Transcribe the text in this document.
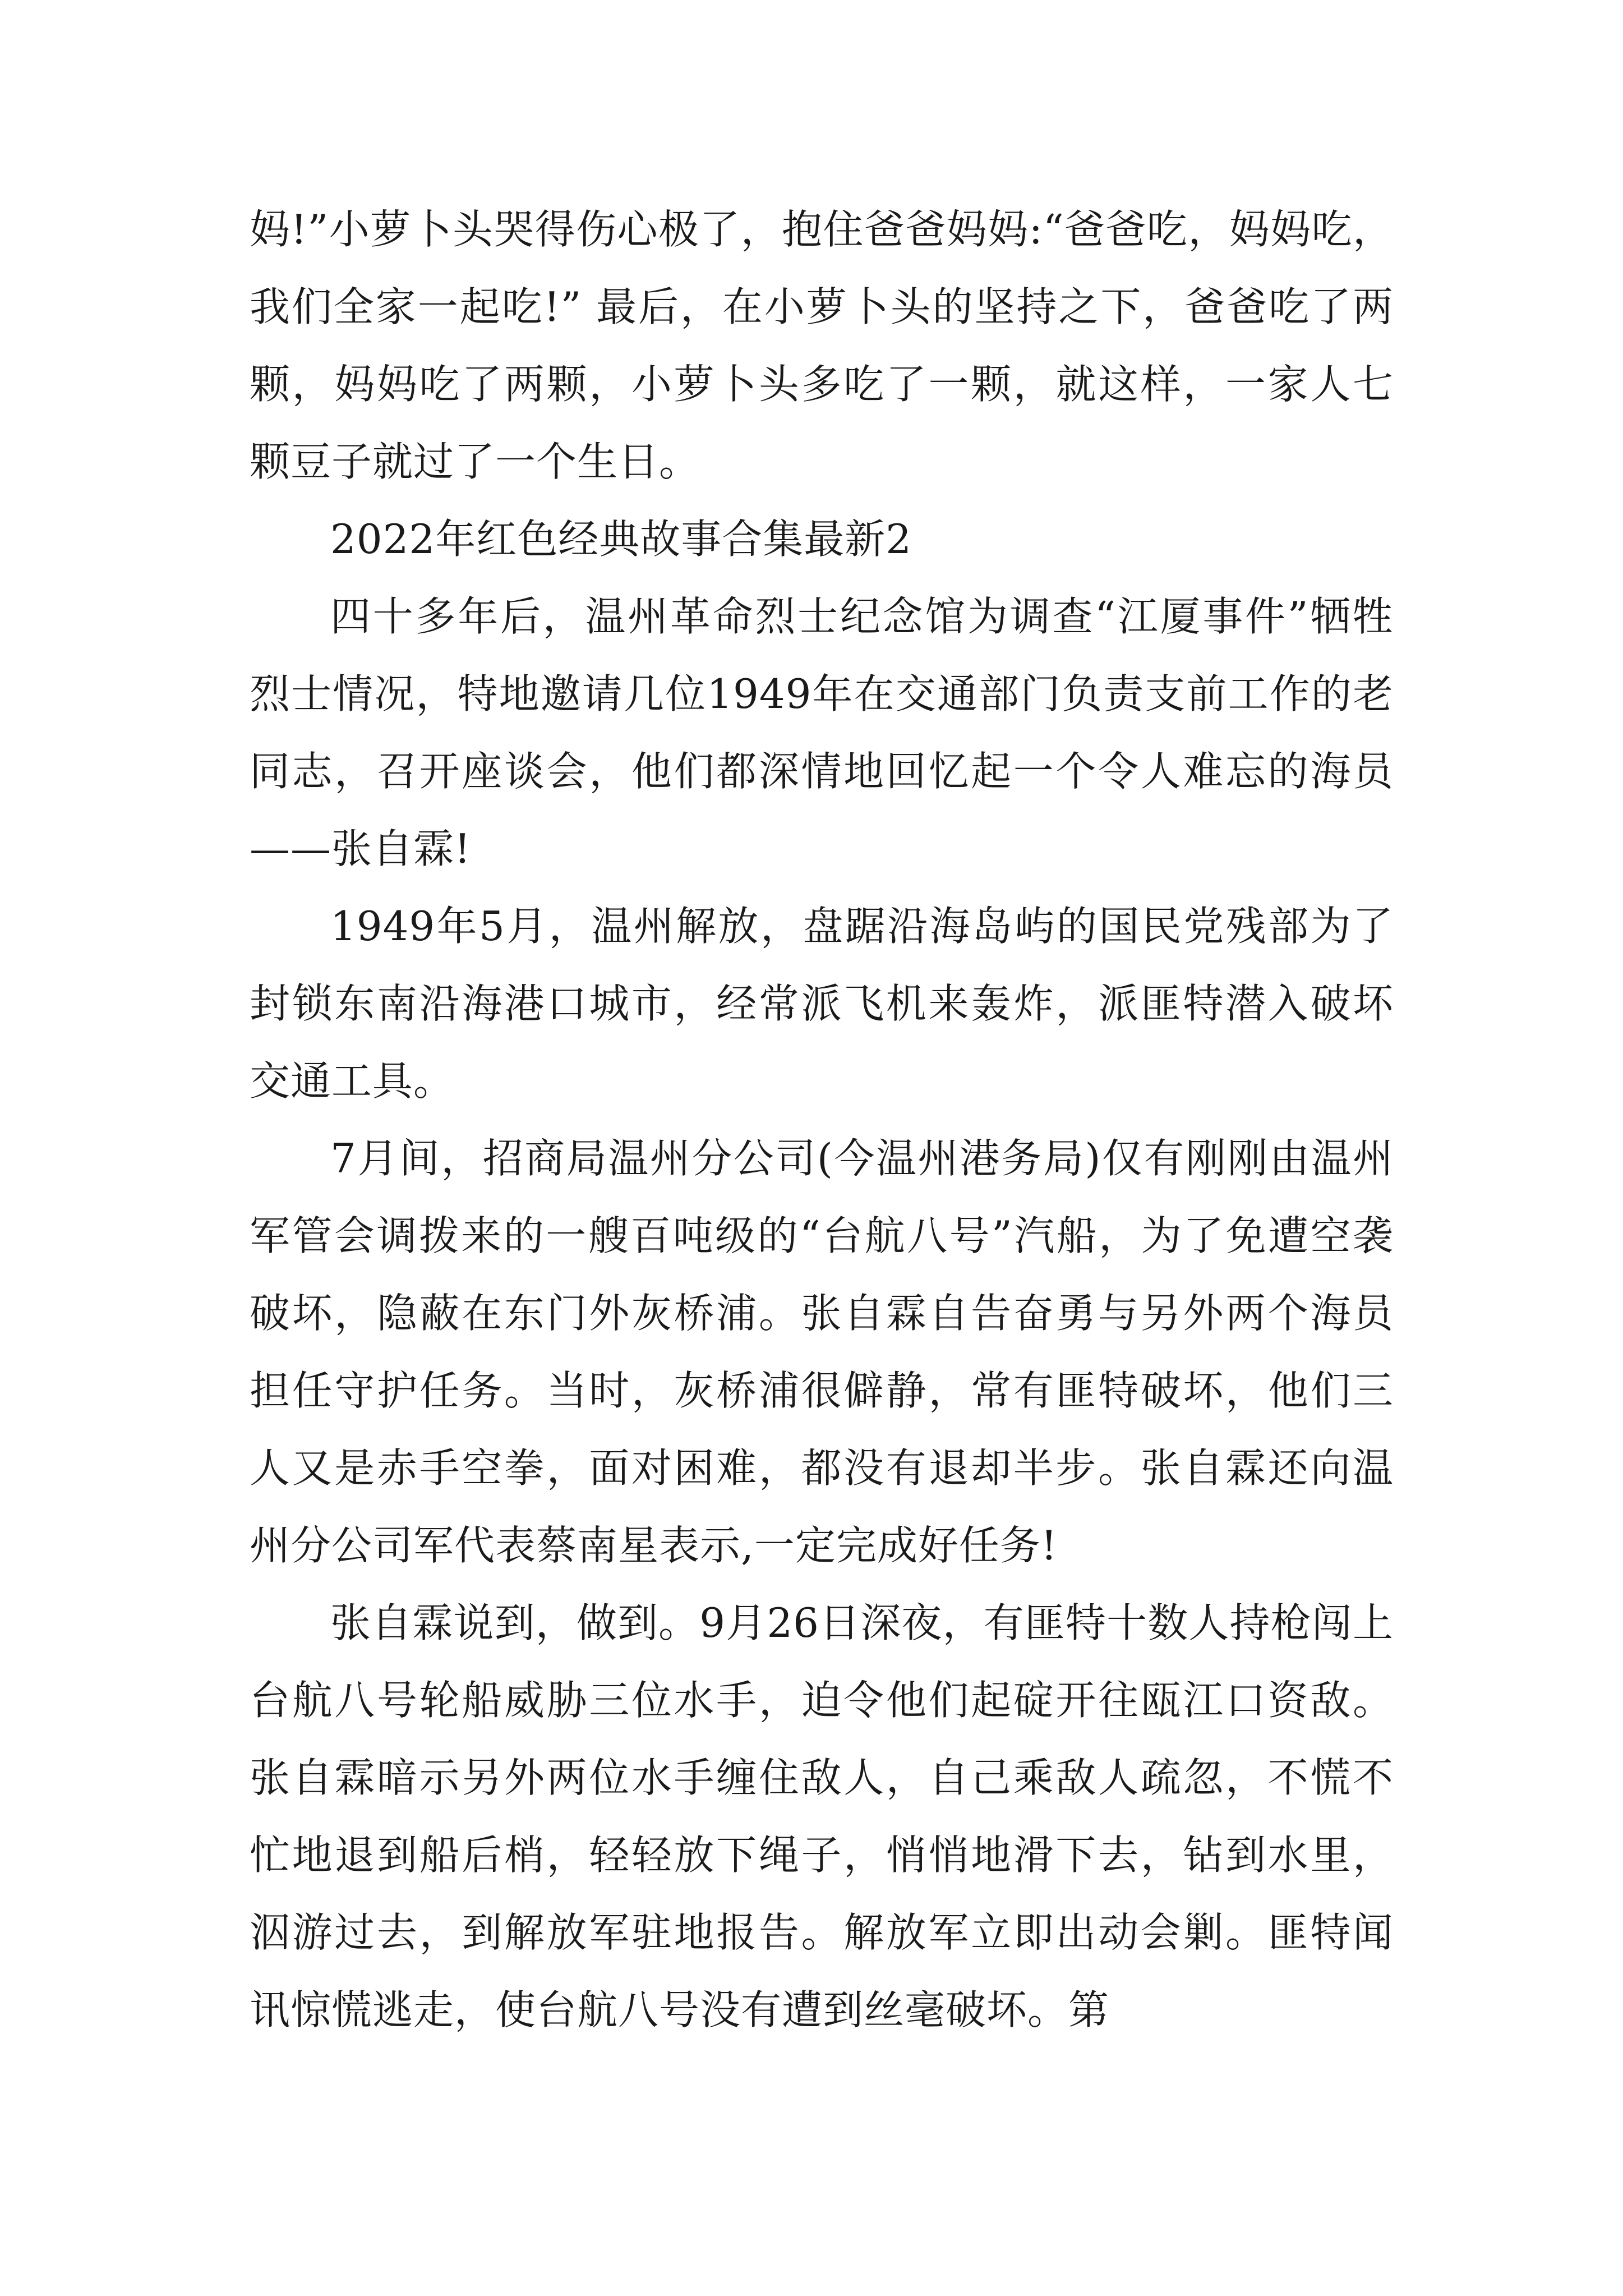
妈!”小萝卜头哭得伤心极了，抱住爸爸妈妈:“爸爸吃，妈妈吃，我们全家一起吃!” 最后，在小萝卜头的坚持之下，爸爸吃了两颗，妈妈吃了两颗，小萝卜头多吃了一颗，就这样，一家人七颗豆子就过了一个生日。

2022年红色经典故事合集最新2

四十多年后，温州革命烈士纪念馆为调查“江厦事件”牺牲烈士情况，特地邀请几位1949年在交通部门负责支前工作的老同志，召开座谈会，他们都深情地回忆起一个令人难忘的海员——张自霖!

1949年5月，温州解放，盘踞沿海岛屿的国民党残部为了封锁东南沿海港口城市，经常派飞机来轰炸，派匪特潜入破坏交通工具。

7月间，招商局温州分公司(今温州港务局)仅有刚刚由温州军管会调拨来的一艘百吨级的“台航八号”汽船，为了免遭空袭破坏，隐蔽在东门外灰桥浦。张自霖自告奋勇与另外两个海员担任守护任务。当时，灰桥浦很僻静，常有匪特破坏，他们三人又是赤手空拳，面对困难，都没有退却半步。张自霖还向温州分公司军代表蔡南星表示,一定完成好任务!

张自霖说到，做到。9月26日深夜，有匪特十数人持枪闯上台航八号轮船威胁三位水手，迫令他们起碇开往瓯江口资敌。张自霖暗示另外两位水手缠住敌人，自己乘敌人疏忽，不慌不忙地退到船后梢，轻轻放下绳子，悄悄地滑下去，钻到水里，泅游过去，到解放军驻地报告。解放军立即出动会剿。匪特闻讯惊慌逃走，使台航八号没有遭到丝毫破坏。第
